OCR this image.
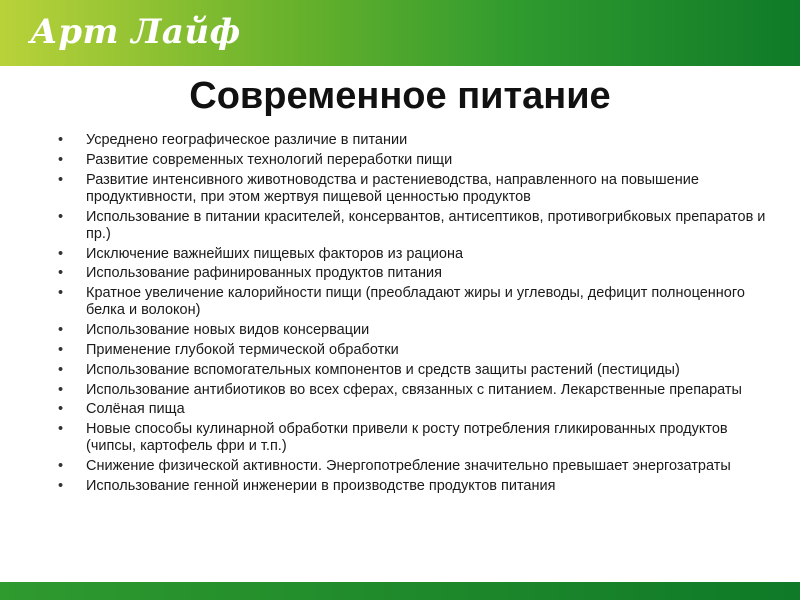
Арт Лайф
Современное питание
• Усреднено географическое различие в питании
• Развитие современных технологий переработки пищи
• Развитие интенсивного животноводства и растениеводства, направленного на повышение продуктивности, при этом жертвуя пищевой ценностью продуктов
• Использование в питании красителей, консервантов, антисептиков, противогрибковых препаратов и пр.)
• Исключение важнейших пищевых факторов из рациона
• Использование рафинированных продуктов питания
• Кратное увеличение калорийности пищи (преобладают жиры и углеводы, дефицит полноценного белка и волокон)
• Использование новых видов консервации
• Применение глубокой термической обработки
• Использование вспомогательных компонентов и средств защиты растений (пестициды)
• Использование антибиотиков во всех сферах, связанных с питанием. Лекарственные препараты
• Солёная пища
• Новые способы кулинарной обработки привели к росту потребления гликированных продуктов (чипсы, картофель фри и т.п.)
• Снижение физической активности. Энергопотребление значительно превышает энергозатраты
• Использование генной инженерии в производстве продуктов питания
